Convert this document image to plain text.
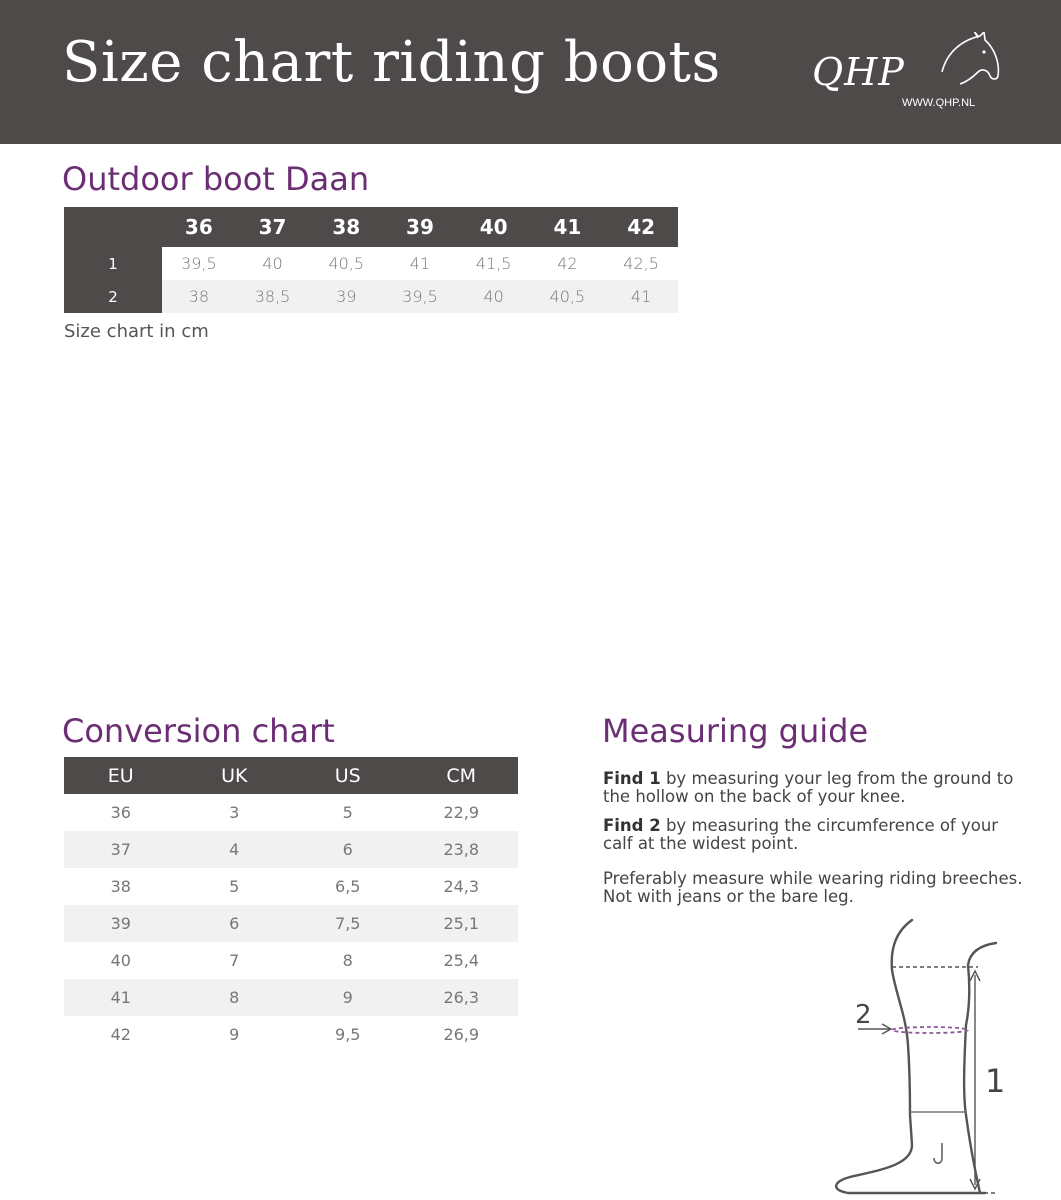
Size chart riding boots QHP
WWW.QHP.NL
Outdoor boot Daan
	36	37	38	39	40	41	42
1	39,5	40	40,5	41	41,5	42	42,5
2	38	38,5	39	39,5	40	40,5	41

Size chart in cm

Conversion chart
EU	UK	US	CM
36	3	5	22,9
37	4	6	23,8
38	5	6,5	24,3
39	6	7,5	25,1
40	7	8	25,4
41	8	9	26,3
42	9	9,5	26,9
Measuring guide

Find 1 by measuring your leg from the ground to the hollow on the back of your knee.

Find 2 by measuring the circumference of your calf at the widest point.

Preferably measure while wearing riding breeches. Not with jeans or the bare leg.

2
1
